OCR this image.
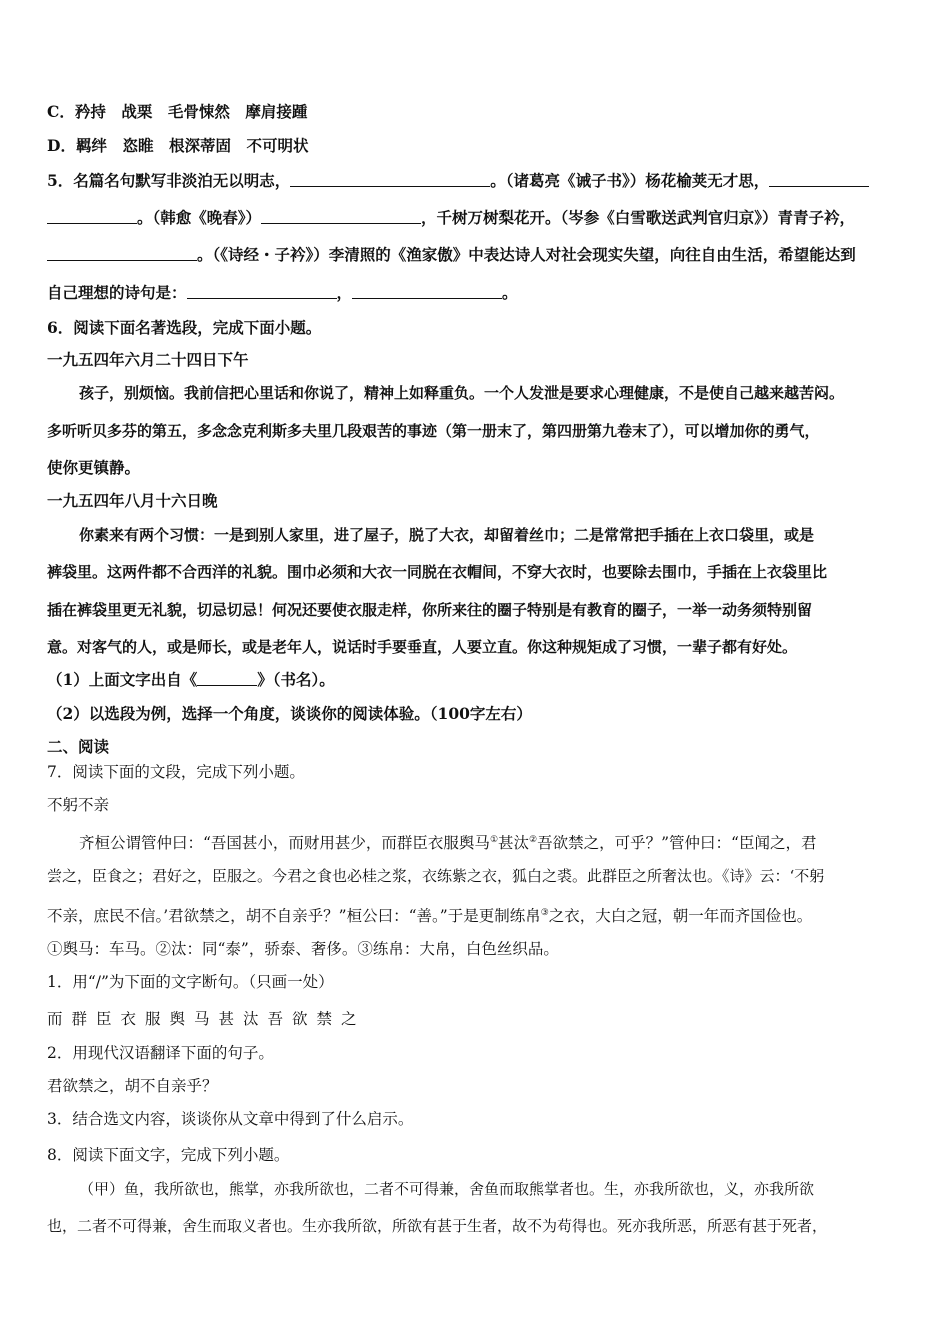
C．矜持　战栗　毛骨悚然　摩肩接踵
D．羁绊　恣睢　根深蒂固　不可明状
5．名篇名句默写非淡泊无以明志，	。（诸葛亮《诫子书》）杨花榆荚无才思，
。（韩愈《晚春》）	，千树万树梨花开。（岑参《白雪歌送武判官归京》）青青子衿，
。（《诗经・子衿》）李清照的《渔家傲》中表达诗人对社会现实失望，向往自由生活，希望能达到
自己理想的诗句是：	，	。
6．阅读下面名著选段，完成下面小题。
一九五四年六月二十四日下午
孩子，别烦恼。我前信把心里话和你说了，精神上如释重负。一个人发泄是要求心理健康，不是使自己越来越苦闷。
多听听贝多芬的第五，多念念克利斯多夫里几段艰苦的事迹（第一册末了，第四册第九卷末了），可以增加你的勇气，
使你更镇静。
一九五四年八月十六日晚
你素来有两个习惯：一是到别人家里，进了屋子，脱了大衣，却留着丝巾；二是常常把手插在上衣口袋里，或是
裤袋里。这两件都不合西洋的礼貌。围巾必须和大衣一同脱在衣帽间，不穿大衣时，也要除去围巾，手插在上衣袋里比
插在裤袋里更无礼貌，切忌切忌！何况还要使衣服走样，你所来往的圈子特别是有教育的圈子，一举一动务须特别留
意。对客气的人，或是师长，或是老年人，说话时手要垂直，人要立直。你这种规矩成了习惯，一辈子都有好处。
（1）上面文字出自《	》（书名）。
（2）以选段为例，选择一个角度，谈谈你的阅读体验。（100字左右）
二、阅读
7．阅读下面的文段，完成下列小题。
不躬不亲
齐桓公谓管仲曰：“吾国甚小，而财用甚少，而群臣衣服舆马①甚汰②吾欲禁之，可乎？”管仲曰：“臣闻之，君
尝之，臣食之；君好之，臣服之。今君之食也必桂之浆，衣练紫之衣，狐白之裘。此群臣之所奢汰也。《诗》云：‘不躬
不亲，庶民不信。’君欲禁之，胡不自亲乎？”桓公曰：“善。”于是更制练帛③之衣，大白之冠，朝一年而齐国俭也。
①舆马：车马。②汰：同“泰”，骄泰、奢侈。③练帛：大帛，白色丝织品。
1．用“/”为下面的文字断句。（只画一处）
而群臣衣服舆马甚汰吾欲禁之
2．用现代汉语翻译下面的句子。
君欲禁之，胡不自亲乎？
3．结合选文内容，谈谈你从文章中得到了什么启示。
8．阅读下面文字，完成下列小题。
（甲）鱼，我所欲也，熊掌，亦我所欲也，二者不可得兼，舍鱼而取熊掌者也。生，亦我所欲也，义，亦我所欲
也，二者不可得兼，舍生而取义者也。生亦我所欲，所欲有甚于生者，故不为苟得也。死亦我所恶，所恶有甚于死者，
